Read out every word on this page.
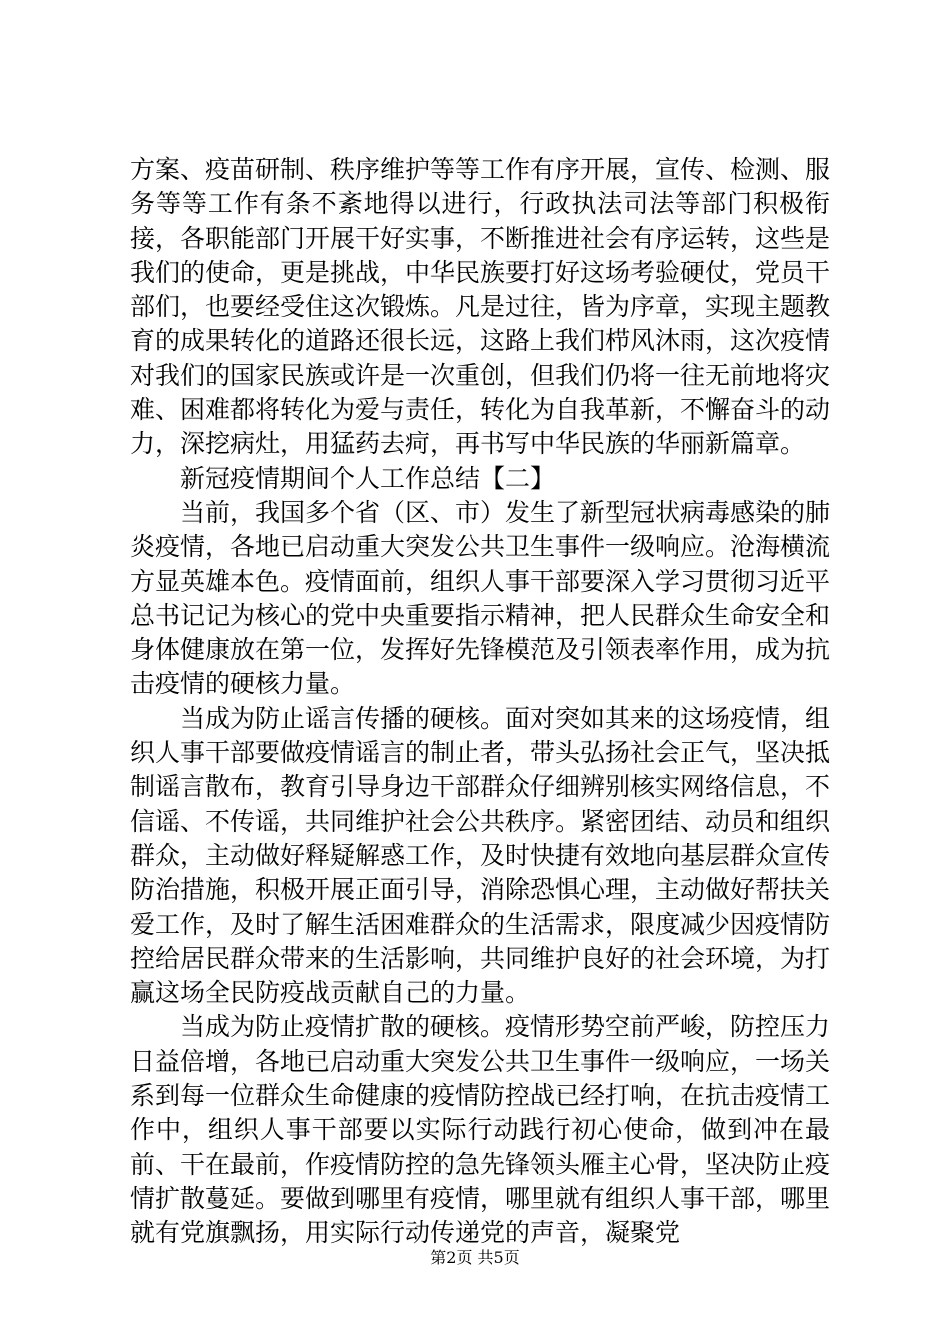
方案、疫苗研制、秩序维护等等工作有序开展，宣传、检测、服务等等工作有条不紊地得以进行，行政执法司法等部门积极衔接，各职能部门开展干好实事，不断推进社会有序运转，这些是我们的使命，更是挑战，中华民族要打好这场考验硬仗，党员干部们，也要经受住这次锻炼。凡是过往，皆为序章，实现主题教育的成果转化的道路还很长远，这路上我们栉风沐雨，这次疫情对我们的国家民族或许是一次重创，但我们仍将一往无前地将灾难、困难都将转化为爱与责任，转化为自我革新，不懈奋斗的动力，深挖病灶，用猛药去疴，再书写中华民族的华丽新篇章。

新冠疫情期间个人工作总结【二】

当前，我国多个省（区、市）发生了新型冠状病毒感染的肺炎疫情，各地已启动重大突发公共卫生事件一级响应。沧海横流方显英雄本色。疫情面前，组织人事干部要深入学习贯彻习近平总书记记为核心的党中央重要指示精神，把人民群众生命安全和身体健康放在第一位，发挥好先锋模范及引领表率作用，成为抗击疫情的硬核力量。

当成为防止谣言传播的硬核。面对突如其来的这场疫情，组织人事干部要做疫情谣言的制止者，带头弘扬社会正气，坚决抵制谣言散布，教育引导身边干部群众仔细辨别核实网络信息，不信谣、不传谣，共同维护社会公共秩序。紧密团结、动员和组织群众，主动做好释疑解惑工作，及时快捷有效地向基层群众宣传防治措施，积极开展正面引导，消除恐惧心理，主动做好帮扶关爱工作，及时了解生活困难群众的生活需求，限度减少因疫情防控给居民群众带来的生活影响，共同维护良好的社会环境，为打赢这场全民防疫战贡献自己的力量。

当成为防止疫情扩散的硬核。疫情形势空前严峻，防控压力日益倍增，各地已启动重大突发公共卫生事件一级响应，一场关系到每一位群众生命健康的疫情防控战已经打响，在抗击疫情工作中，组织人事干部要以实际行动践行初心使命，做到冲在最前、干在最前，作疫情防控的急先锋领头雁主心骨，坚决防止疫情扩散蔓延。要做到哪里有疫情，哪里就有组织人事干部，哪里就有党旗飘扬，用实际行动传递党的声音，凝聚党

第2页 共5页
